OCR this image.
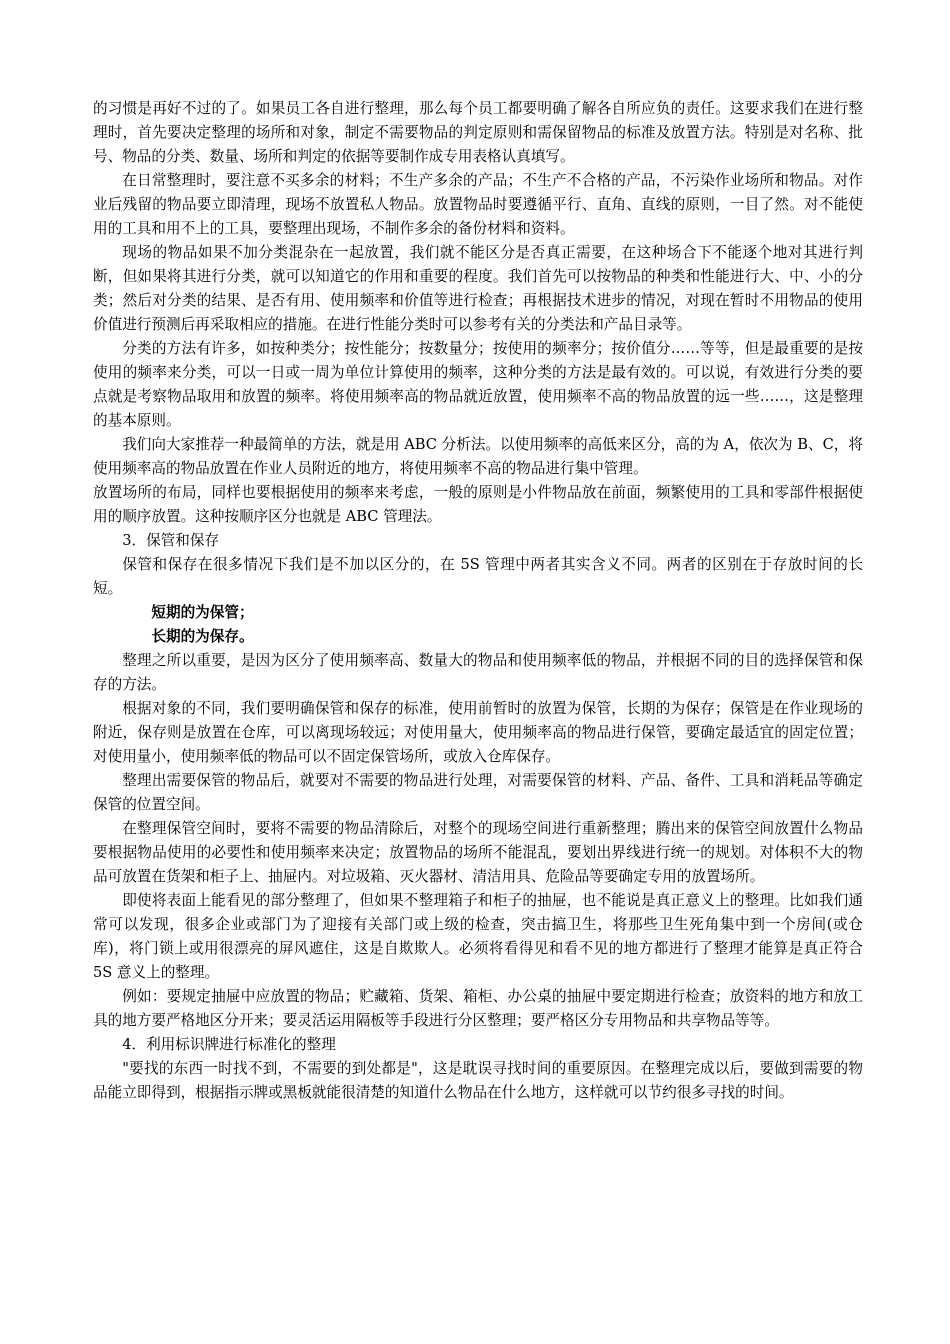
的习惯是再好不过的了。如果员工各自进行整理，那么每个员工都要明确了解各自所应负的责任。这要求我们在进行整理时，首先要决定整理的场所和对象，制定不需要物品的判定原则和需保留物品的标准及放置方法。特别是对名称、批号、物品的分类、数量、场所和判定的依据等要制作成专用表格认真填写。

在日常整理时，要注意不买多余的材料；不生产多余的产品；不生产不合格的产品，不污染作业场所和物品。对作业后残留的物品要立即清理，现场不放置私人物品。放置物品时要遵循平行、直角、直线的原则，一目了然。对不能使用的工具和用不上的工具，要整理出现场，不制作多余的备份材料和资料。

现场的物品如果不加分类混杂在一起放置，我们就不能区分是否真正需要，在这种场合下不能逐个地对其进行判断，但如果将其进行分类，就可以知道它的作用和重要的程度。我们首先可以按物品的种类和性能进行大、中、小的分类；然后对分类的结果、是否有用、使用频率和价值等进行检查；再根据技术进步的情况，对现在暂时不用物品的使用价值进行预测后再采取相应的措施。在进行性能分类时可以参考有关的分类法和产品目录等。

分类的方法有许多，如按种类分；按性能分；按数量分；按使用的频率分；按价值分……等等，但是最重要的是按使用的频率来分类，可以一日或一周为单位计算使用的频率，这种分类的方法是最有效的。可以说，有效进行分类的要点就是考察物品取用和放置的频率。将使用频率高的物品就近放置，使用频率不高的物品放置的远一些……，这是整理的基本原则。

我们向大家推荐一种最简单的方法，就是用 ABC 分析法。以使用频率的高低来区分，高的为 A，依次为 B、C，将使用频率高的物品放置在作业人员附近的地方，将使用频率不高的物品进行集中管理。

放置场所的布局，同样也要根据使用的频率来考虑，一般的原则是小件物品放在前面，频繁使用的工具和零部件根据使用的顺序放置。这种按顺序区分也就是 ABC 管理法。

3．保管和保存

保管和保存在很多情况下我们是不加以区分的，在 5S 管理中两者其实含义不同。两者的区别在于存放时间的长短。

短期的为保管；

长期的为保存。

整理之所以重要，是因为区分了使用频率高、数量大的物品和使用频率低的物品，并根据不同的目的选择保管和保存的方法。

根据对象的不同，我们要明确保管和保存的标准，使用前暂时的放置为保管，长期的为保存；保管是在作业现场的附近，保存则是放置在仓库，可以离现场较远；对使用量大，使用频率高的物品进行保管，要确定最适宜的固定位置；对使用量小，使用频率低的物品可以不固定保管场所，或放入仓库保存。

整理出需要保管的物品后，就要对不需要的物品进行处理，对需要保管的材料、产品、备件、工具和消耗品等确定保管的位置空间。

在整理保管空间时，要将不需要的物品清除后，对整个的现场空间进行重新整理；腾出来的保管空间放置什么物品要根据物品使用的必要性和使用频率来决定；放置物品的场所不能混乱，要划出界线进行统一的规划。对体积不大的物品可放置在货架和柜子上、抽屉内。对垃圾箱、灭火器材、清洁用具、危险品等要确定专用的放置场所。

即使将表面上能看见的部分整理了，但如果不整理箱子和柜子的抽屉，也不能说是真正意义上的整理。比如我们通常可以发现，很多企业或部门为了迎接有关部门或上级的检查，突击搞卫生，将那些卫生死角集中到一个房间(或仓库)，将门锁上或用很漂亮的屏风遮住，这是自欺欺人。必须将看得见和看不见的地方都进行了整理才能算是真正符合 5S 意义上的整理。

例如：要规定抽屉中应放置的物品；贮藏箱、货架、箱柜、办公桌的抽屉中要定期进行检查；放资料的地方和放工具的地方要严格地区分开来；要灵活运用隔板等手段进行分区整理；要严格区分专用物品和共享物品等等。

4．利用标识牌进行标准化的整理

"要找的东西一时找不到，不需要的到处都是"，这是耽误寻找时间的重要原因。在整理完成以后，要做到需要的物品能立即得到，根据指示牌或黑板就能很清楚的知道什么物品在什么地方，这样就可以节约很多寻找的时间。
